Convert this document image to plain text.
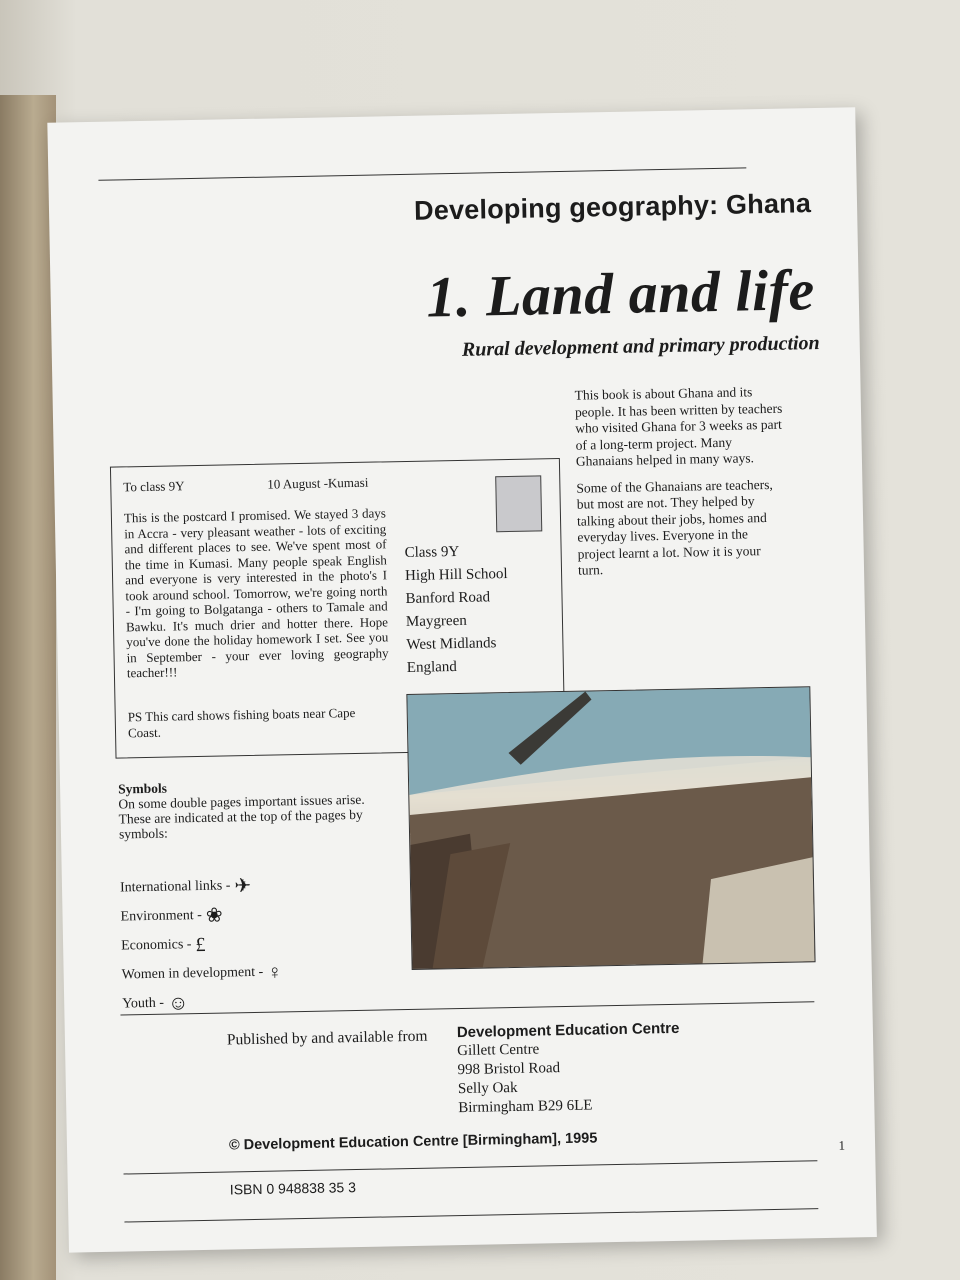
Developing geography: Ghana
1. Land and life
Rural development and primary production

This book is about Ghana and its people. It has been written by teachers who visited Ghana for 3 weeks as part of a long-term project. Many Ghanaians helped in many ways.

Some of the Ghanaians are teachers, but most are not. They helped by talking about their jobs, homes and everyday lives. Everyone in the project learnt a lot. Now it is your turn.

To class 9Y	10 August -Kumasi
This is the postcard I promised. We stayed 3 days in Accra - very pleasant weather - lots of exciting and different places to see. We've spent most of the time in Kumasi. Many people speak English and everyone is very interested in the photo's I took around school. Tomorrow, we're going north - I'm going to Bolgatanga - others to Tamale and Bawku. It's much drier and hotter there. Hope you've done the holiday homework I set. See you in September - your ever loving geography teacher!!!
PS This card shows fishing boats near Cape Coast.
Class 9Y
High Hill School
Banford Road
Maygreen
West Midlands
England
Symbols
On some double pages important issues arise. These are indicated at the top of the pages by symbols:
International links - ✈
Environment - ❀
Economics - £
Women in development - ♀
Youth - ☺
Published by and available from Development Education Centre
Gillett Centre
998 Bristol Road
Selly Oak
Birmingham B29 6LE
© Development Education Centre [Birmingham], 1995	1
ISBN 0 948838 35 3
